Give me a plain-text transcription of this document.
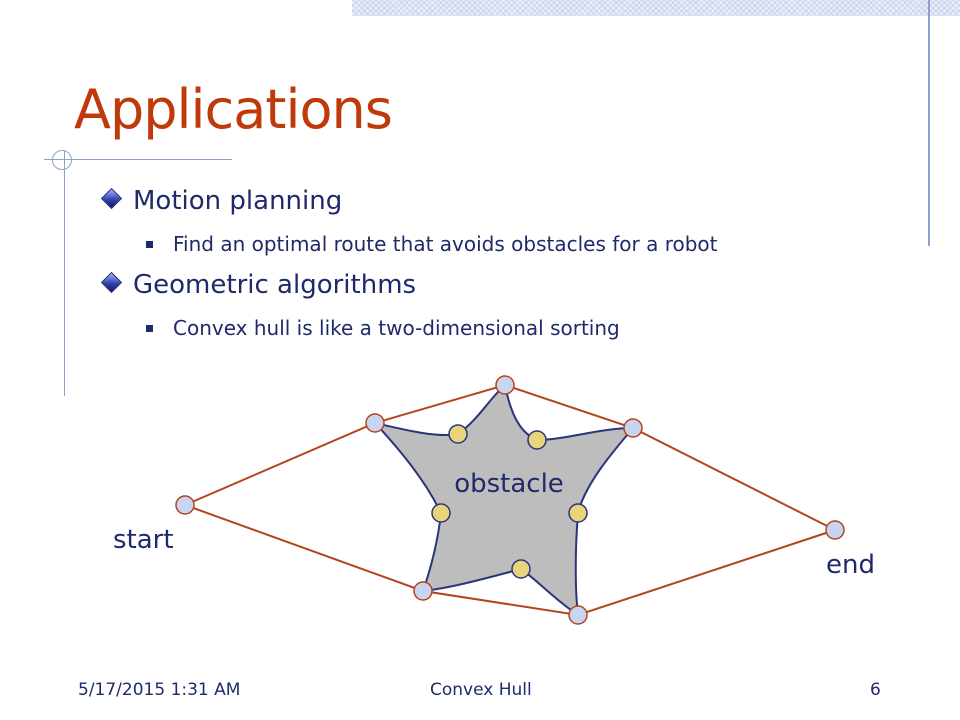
Applications
Motion planning
Find an optimal route that avoids obstacles for a robot
Geometric algorithms
Convex hull is like a two-dimensional sorting
obstacle
start
end
5/17/2015 1:31 AM	Convex Hull	6
